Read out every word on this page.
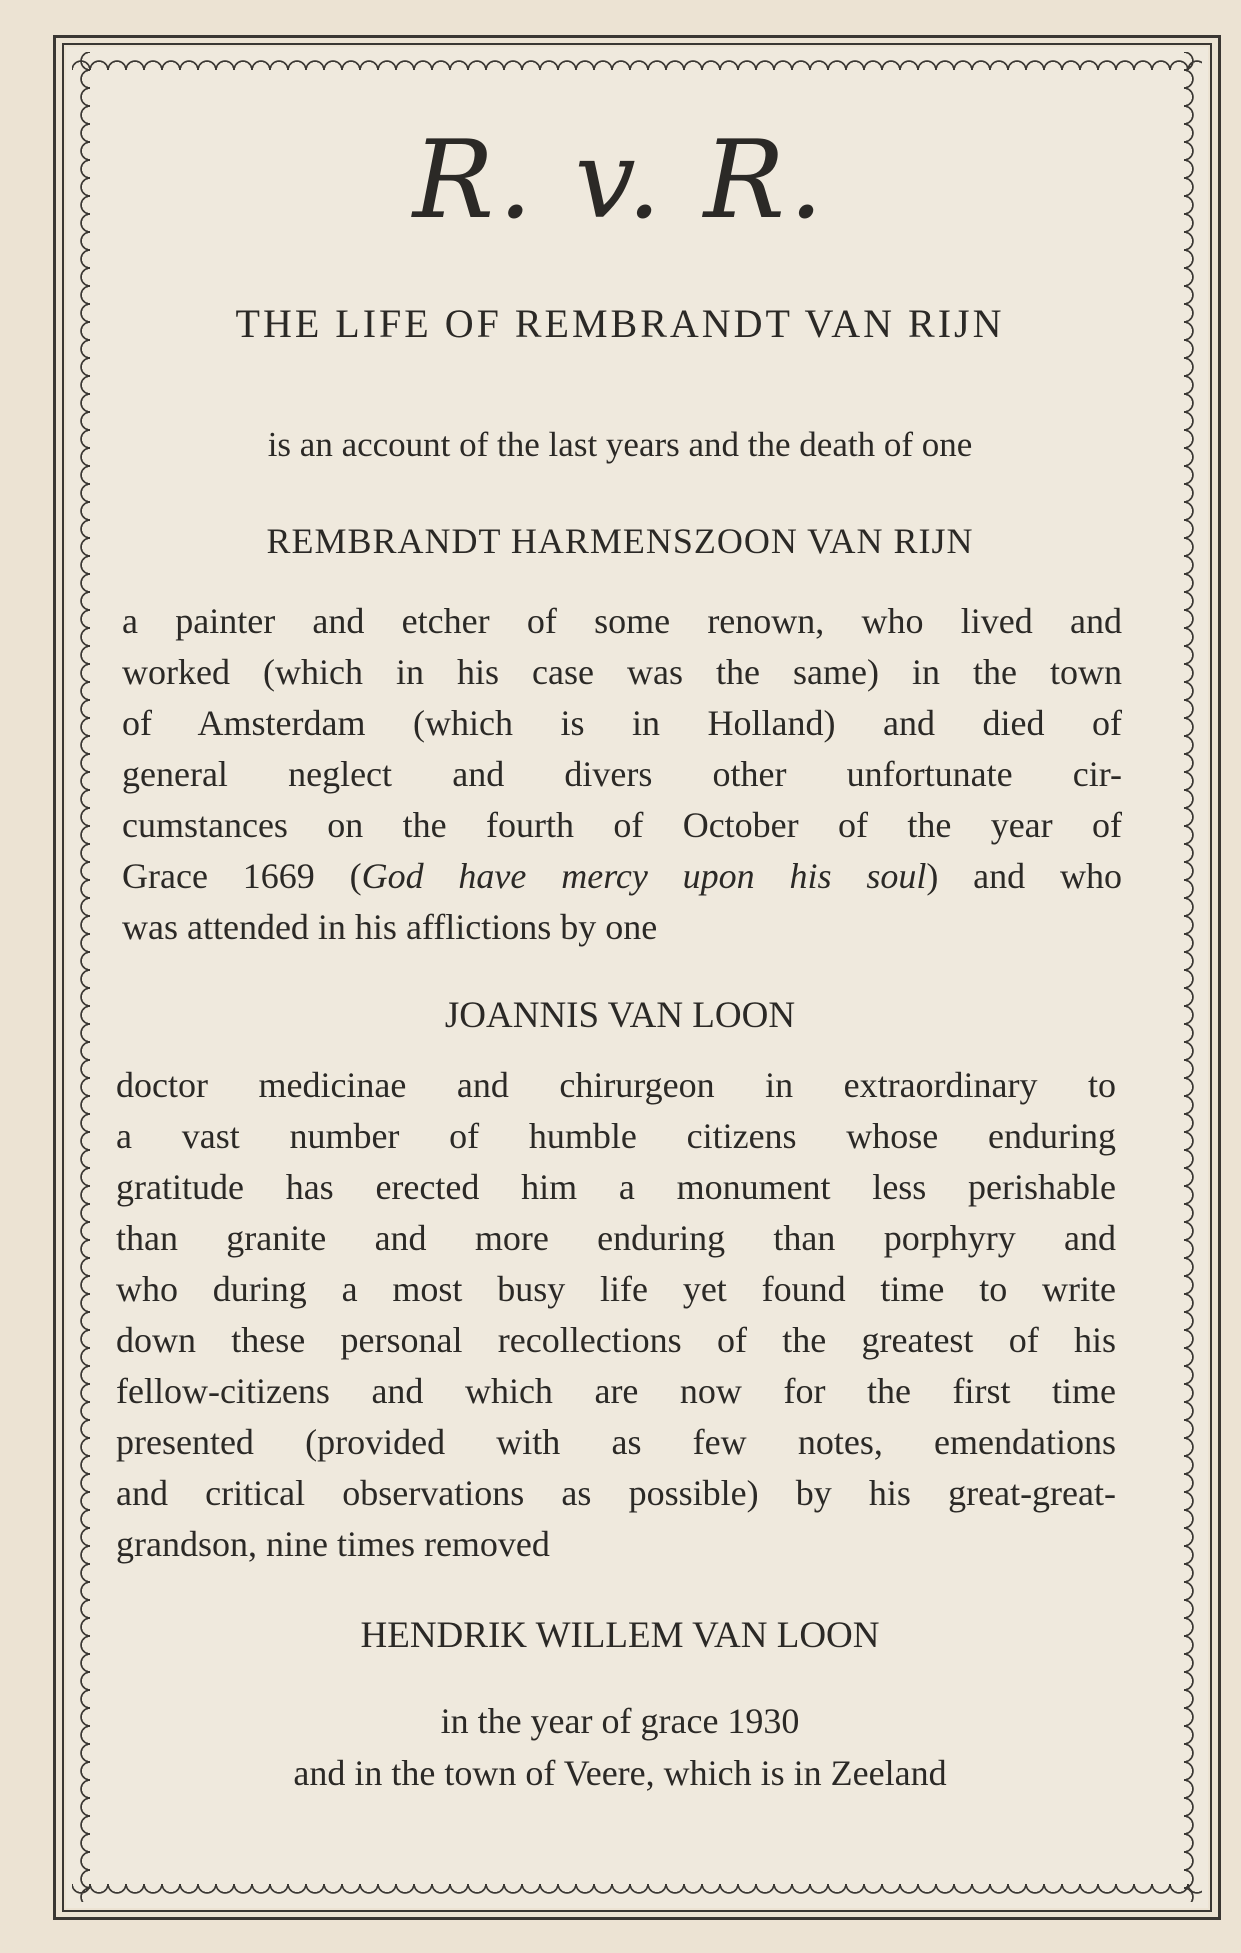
R. v. R.
THE LIFE OF REMBRANDT VAN RIJN
is an account of the last years and the death of one
REMBRANDT HARMENSZOON VAN RIJN
a painter and etcher of some renown, who lived and
worked (which in his case was the same) in the town
of Amsterdam (which is in Holland) and died of
general neglect and divers other unfortunate cir-
cumstances on the fourth of October of the year of
Grace 1669 (God have mercy upon his soul) and who
was attended in his afflictions by one
JOANNIS VAN LOON
doctor medicinae and chirurgeon in extraordinary to
a vast number of humble citizens whose enduring
gratitude has erected him a monument less perishable
than granite and more enduring than porphyry and
who during a most busy life yet found time to write
down these personal recollections of the greatest of his
fellow-citizens and which are now for the first time
presented (provided with as few notes, emendations
and critical observations as possible) by his great-great-
grandson, nine times removed
HENDRIK WILLEM VAN LOON
in the year of grace 1930
and in the town of Veere, which is in Zeeland
